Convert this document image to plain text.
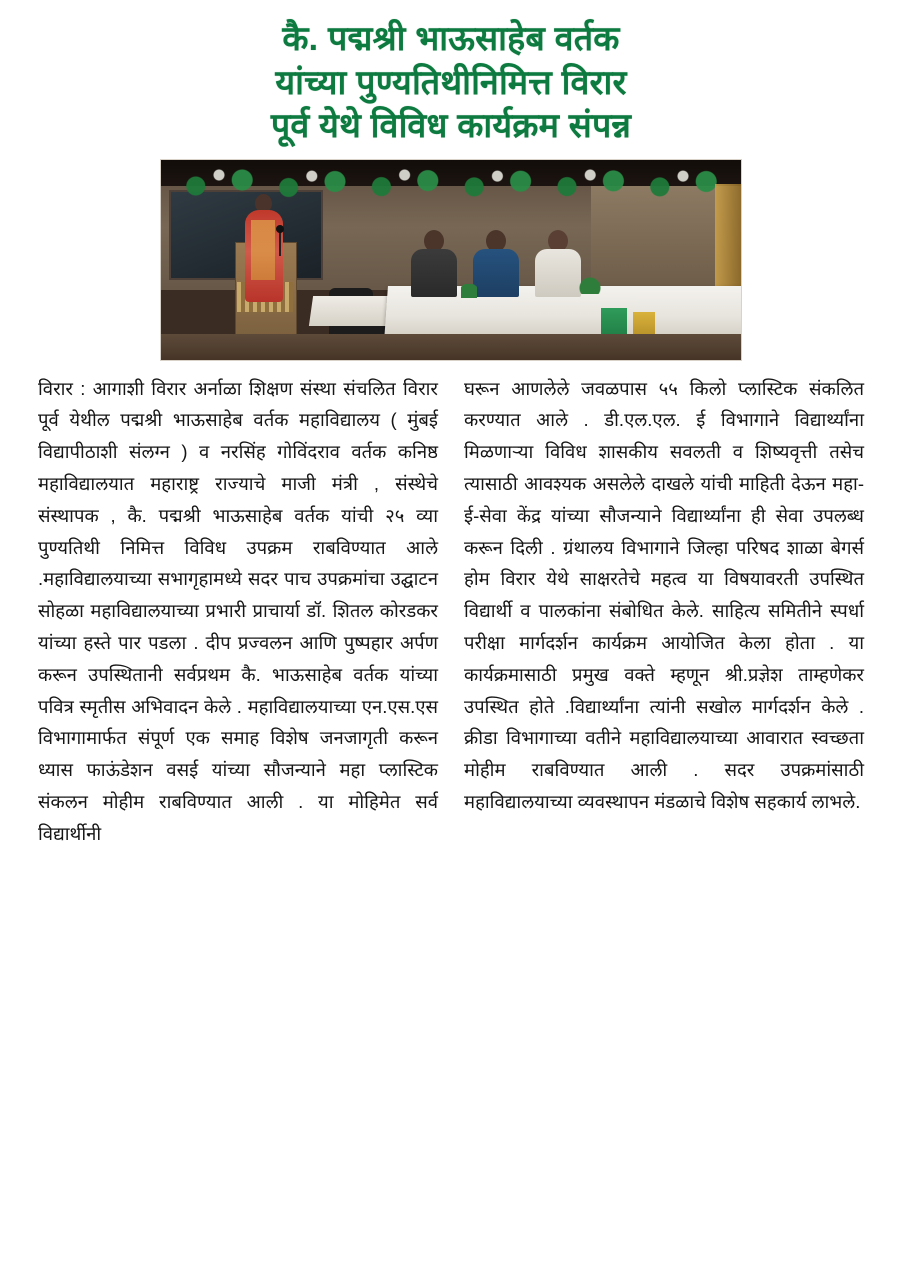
कै. पद्मश्री भाऊसाहेब वर्तक
यांच्या पुण्यतिथीनिमित्त विरार
पूर्व येथे विविध कार्यक्रम संपन्न

विरार : आगाशी विरार अर्नाळा शिक्षण संस्था संचलित विरार पूर्व येथील पद्मश्री भाऊसाहेब वर्तक महाविद्यालय ( मुंबई विद्यापीठाशी संलग्न ) व नरसिंह गोविंदराव वर्तक कनिष्ठ महाविद्यालयात महाराष्ट्र राज्याचे माजी मंत्री , संस्थेचे संस्थापक , कै. पद्मश्री भाऊसाहेब वर्तक यांची २५ व्या पुण्यतिथी निमित्त विविध उपक्रम राबविण्यात आले .महाविद्यालयाच्या सभागृहामध्ये सदर पाच उपक्रमांचा उद्घाटन सोहळा महाविद्यालयाच्या प्रभारी प्राचार्या डॉ. शितल कोरडकर यांच्या हस्ते पार पडला . दीप प्रज्वलन आणि पुष्पहार अर्पण करून उपस्थितानी सर्वप्रथम कै. भाऊसाहेब वर्तक यांच्या पवित्र स्मृतीस अभिवादन केले . महाविद्यालयाच्या एन.एस.एस विभागामार्फत संपूर्ण एक समाह विशेष जनजागृती करून ध्यास फाऊंडेशन वसई यांच्या सौजन्याने महा प्लास्टिक संकलन मोहीम राबविण्यात आली . या मोहिमेत सर्व विद्यार्थीनी

घरून आणलेले जवळपास ५५ किलो प्लास्टिक संकलित करण्यात आले . डी.एल.एल. ई विभागाने विद्यार्थ्यांना मिळणाऱ्या विविध शासकीय सवलती व शिष्यवृत्ती तसेच त्यासाठी आवश्यक असलेले दाखले यांची माहिती देऊन महा-ई-सेवा केंद्र यांच्या सौजन्याने विद्यार्थ्यांना ही सेवा उपलब्ध करून दिली . ग्रंथालय विभागाने जिल्हा परिषद शाळा बेगर्स होम विरार येथे साक्षरतेचे महत्व या विषयावरती उपस्थित विद्यार्थी व पालकांना संबोधित केले. साहित्य समितीने स्पर्धा परीक्षा मार्गदर्शन कार्यक्रम आयोजित केला होता . या कार्यक्रमासाठी प्रमुख वक्ते म्हणून श्री.प्रज्ञेश ताम्हणेकर उपस्थित होते .विद्यार्थ्यांना त्यांनी सखोल मार्गदर्शन केले . क्रीडा विभागाच्या वतीने महाविद्यालयाच्या आवारात स्वच्छता मोहीम राबविण्यात आली . सदर उपक्रमांसाठी महाविद्यालयाच्या व्यवस्थापन मंडळाचे विशेष सहकार्य लाभले.
